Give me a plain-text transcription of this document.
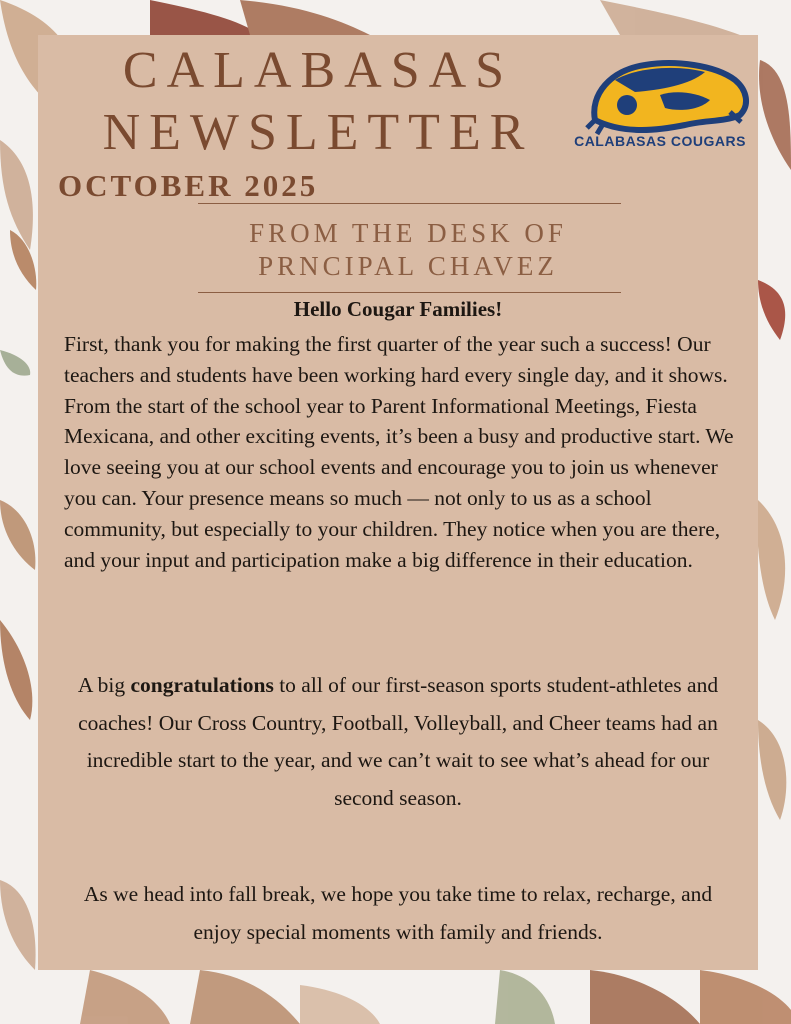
CALABASAS
NEWSLETTER
OCTOBER 2025
CALABASAS COUGARS
FROM THE DESK OF
PRNCIPAL CHAVEZ
Hello Cougar Families!

First, thank you for making the first quarter of the year such a success! Our teachers and students have been working hard every single day, and it shows. From the start of the school year to Parent Informational Meetings, Fiesta Mexicana, and other exciting events, it’s been a busy and productive start. We love seeing you at our school events and encourage you to join us whenever you can. Your presence means so much — not only to us as a school community, but especially to your children. They notice when you are there, and your input and participation make a big difference in their education.

A big congratulations to all of our first-season sports student-athletes and coaches! Our Cross Country, Football, Volleyball, and Cheer teams had an incredible start to the year, and we can’t wait to see what’s ahead for our second season.

As we head into fall break, we hope you take time to relax, recharge, and enjoy special moments with family and friends.
